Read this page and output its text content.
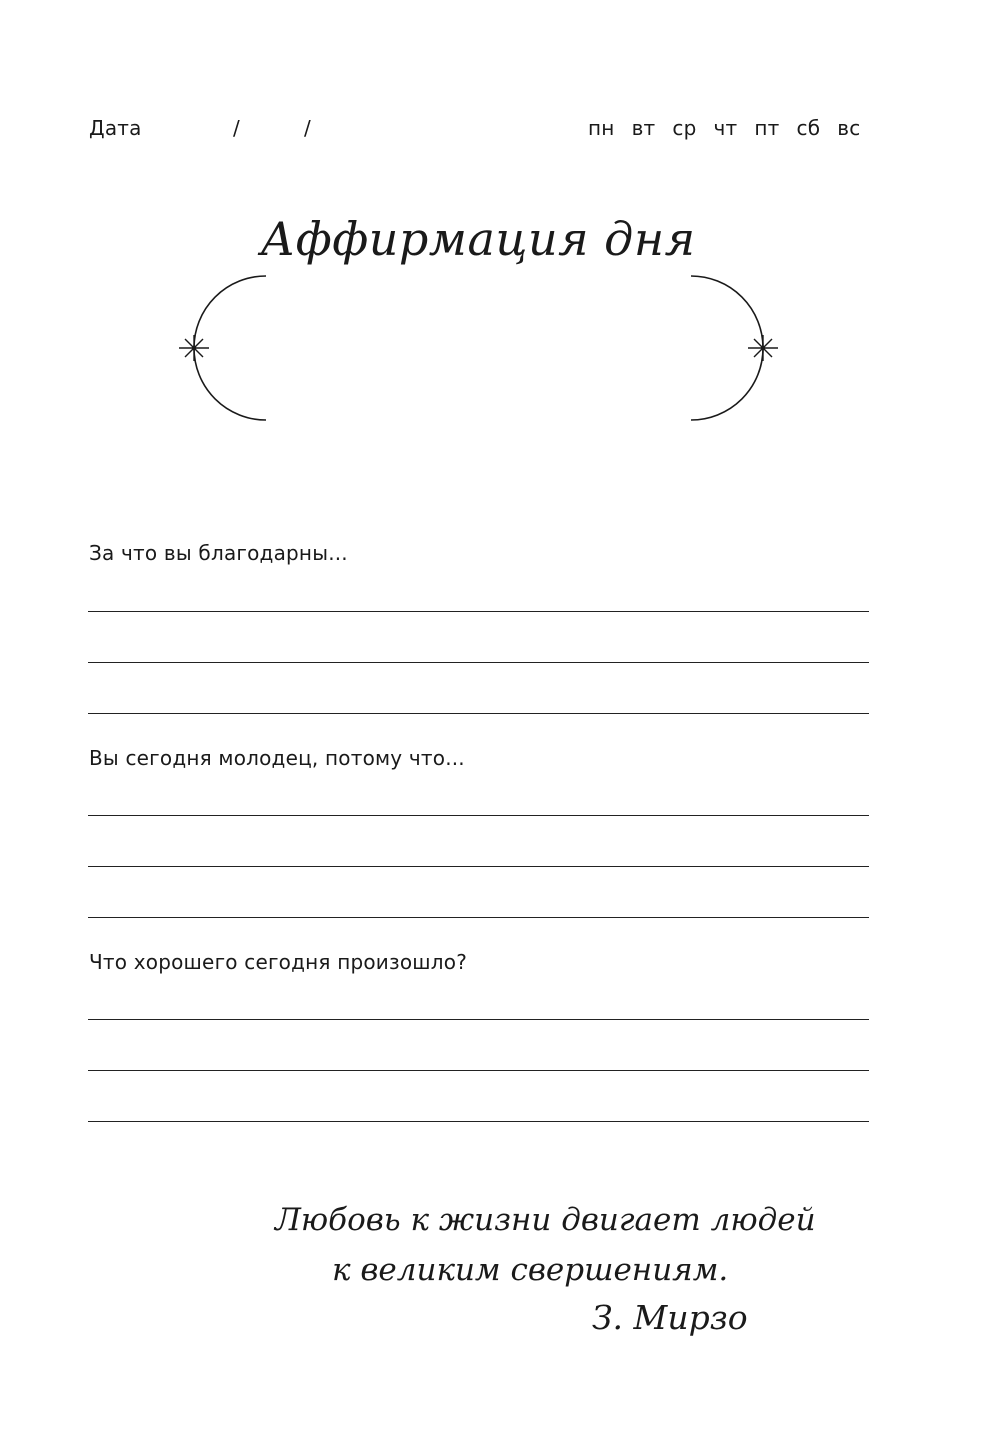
Дата	/	/	пн вт ср чт пт сб вс
Аффирмация дня
За что вы благодарны...
Вы сегодня молодец, потому что...
Что хорошего сегодня произошло?
Любовь к жизни двигает людей
к великим свершениям.
З. Мирзо
